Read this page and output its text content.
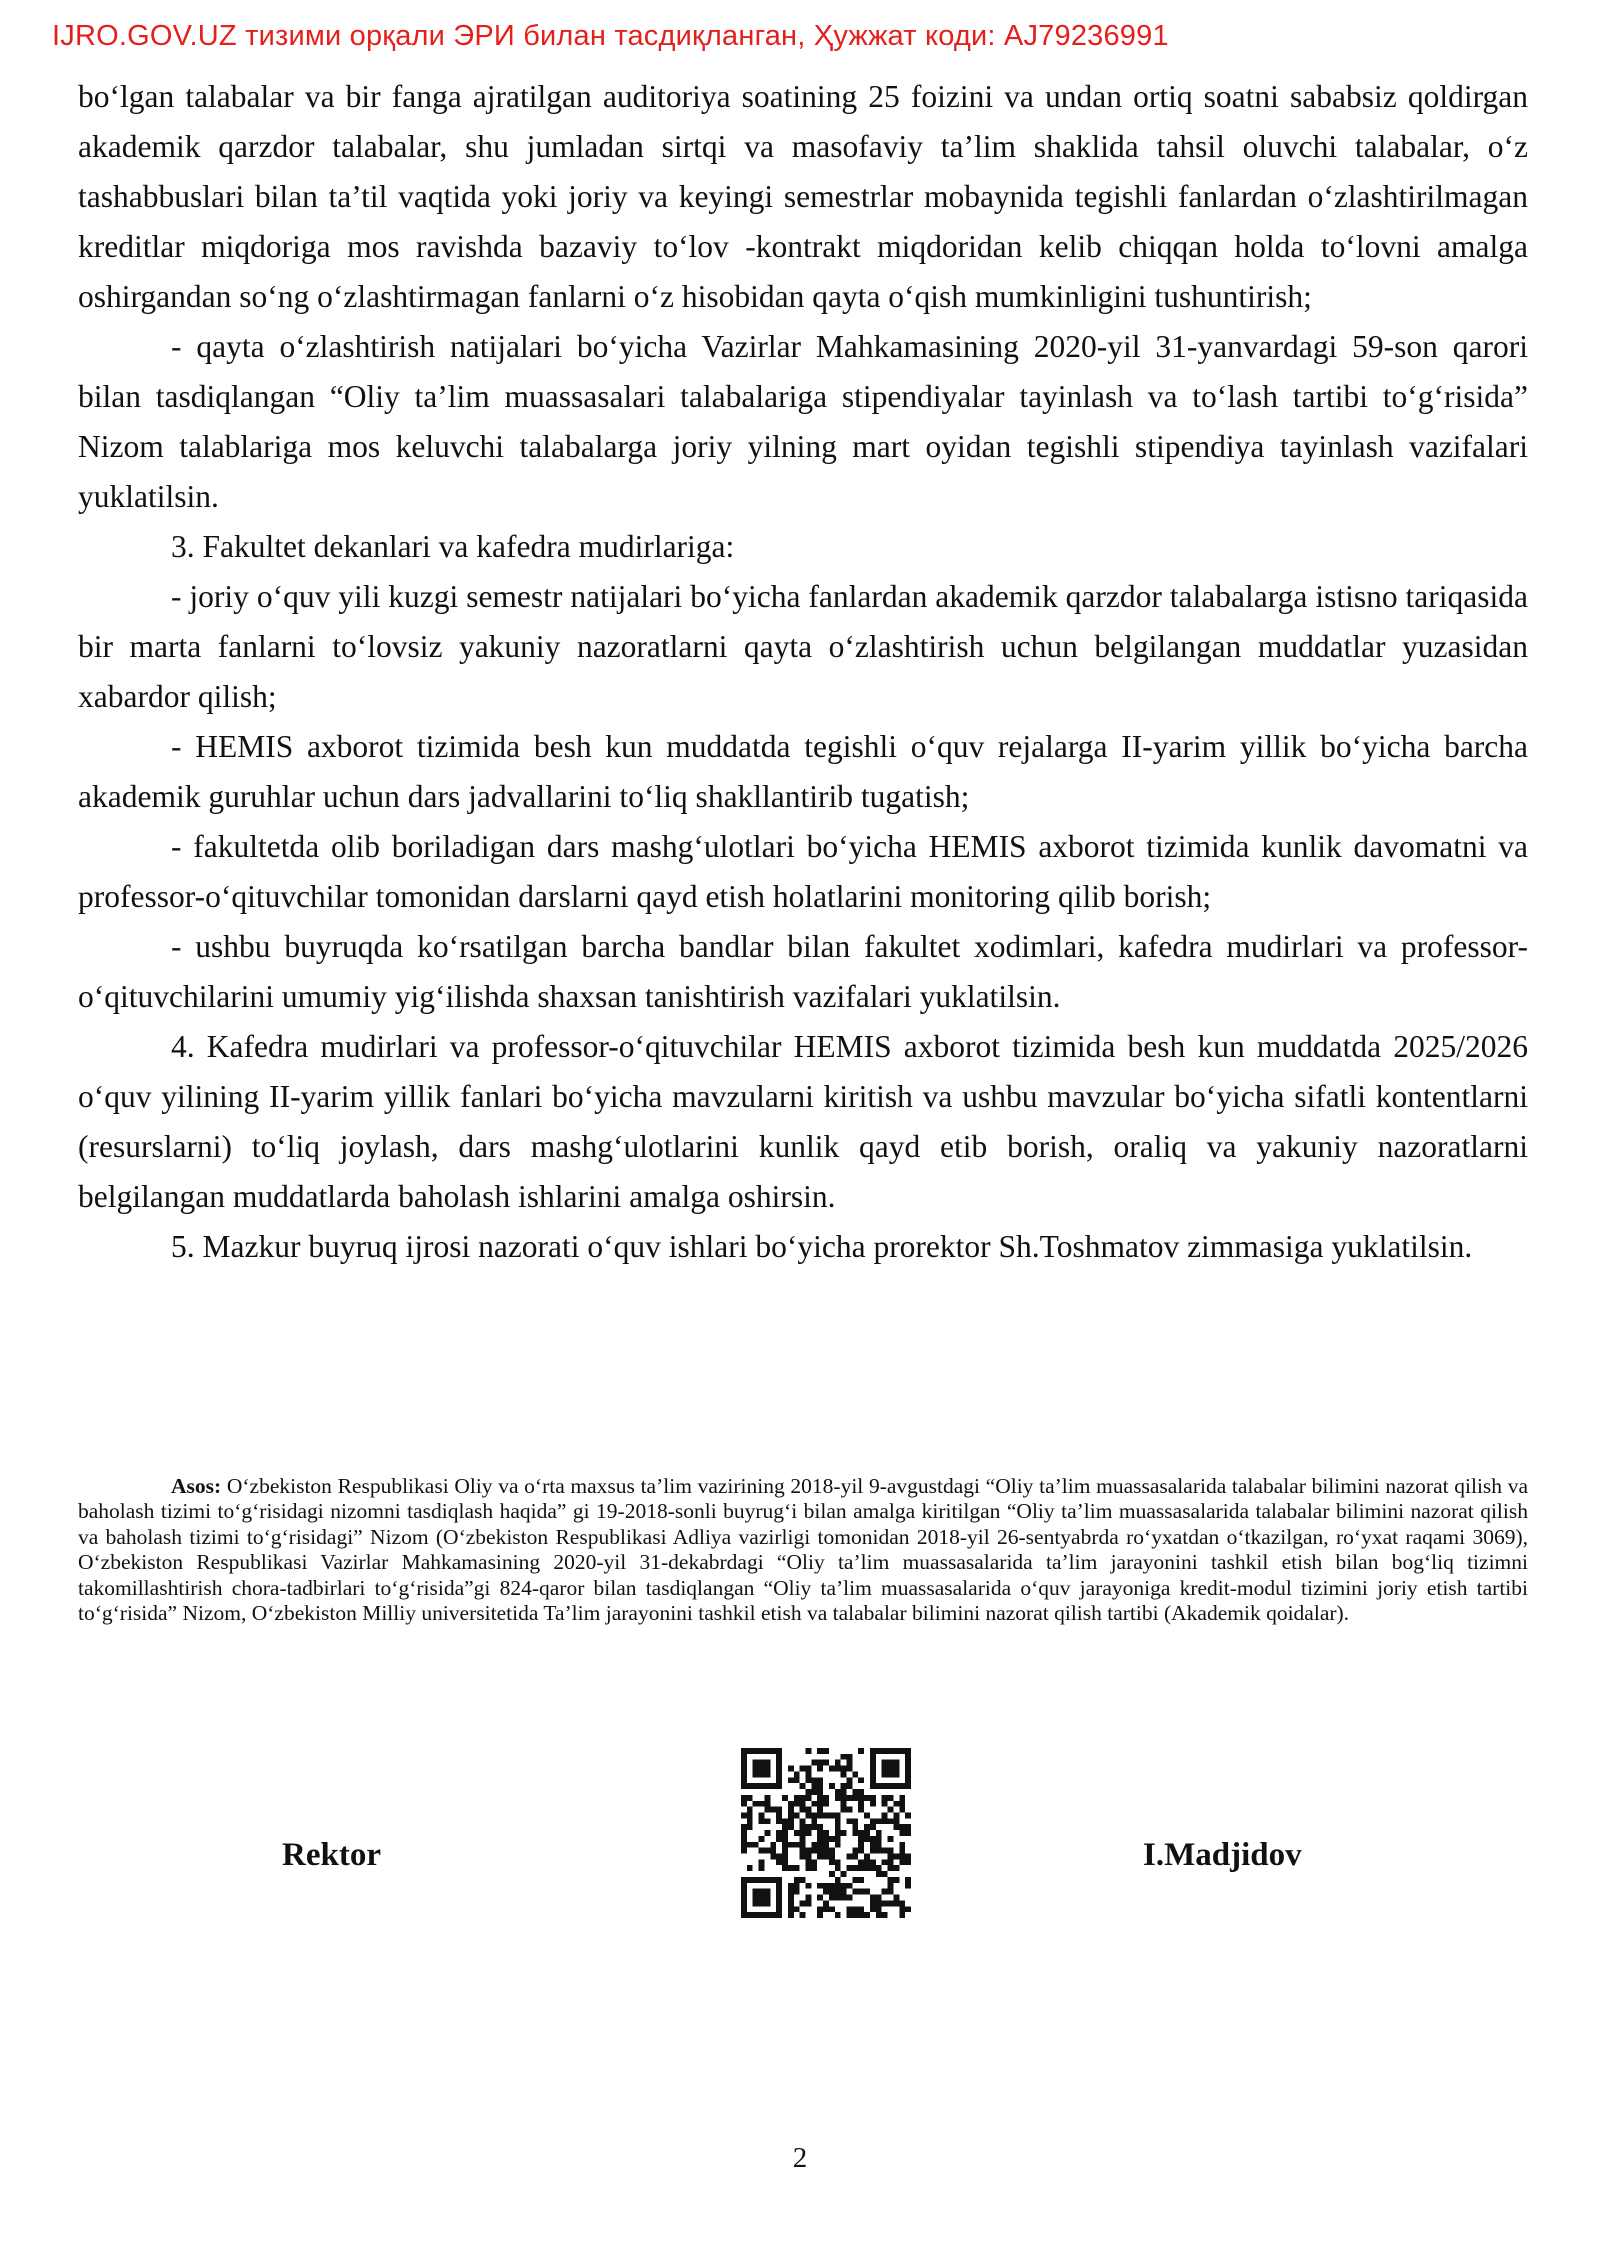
IJRO.GOV.UZ тизими орқали ЭРИ билан тасдиқланган, Ҳужжат коди: AJ79236991

bo‘lgan talabalar va bir fanga ajratilgan auditoriya soatining 25 foizini va undan ortiq soatni sababsiz qoldirgan akademik qarzdor talabalar, shu jumladan sirtqi va masofaviy ta’lim shaklida tahsil oluvchi talabalar, o‘z tashabbuslari bilan ta’til vaqtida yoki joriy va keyingi semestrlar mobaynida tegishli fanlardan o‘zlashtirilmagan kreditlar miqdoriga mos ravishda bazaviy to‘lov -kontrakt miqdoridan kelib chiqqan holda to‘lovni amalga oshirgandan so‘ng o‘zlashtirmagan fanlarni o‘z hisobidan qayta o‘qish mumkinligini tushuntirish;

- qayta o‘zlashtirish natijalari bo‘yicha Vazirlar Mahkamasining 2020-yil 31-yanvardagi 59-son qarori bilan tasdiqlangan “Oliy ta’lim muassasalari talabalariga stipendiyalar tayinlash va to‘lash tartibi to‘g‘risida” Nizom talablariga mos keluvchi talabalarga joriy yilning mart oyidan tegishli stipendiya tayinlash vazifalari yuklatilsin.

3. Fakultet dekanlari va kafedra mudirlariga:

- joriy o‘quv yili kuzgi semestr natijalari bo‘yicha fanlardan akademik qarzdor talabalarga istisno tariqasida bir marta fanlarni to‘lovsiz yakuniy nazoratlarni qayta o‘zlashtirish uchun belgilangan muddatlar yuzasidan xabardor qilish;

- HEMIS axborot tizimida besh kun muddatda tegishli o‘quv rejalarga II-yarim yillik bo‘yicha barcha akademik guruhlar uchun dars jadvallarini to‘liq shakllantirib tugatish;

- fakultetda olib boriladigan dars mashg‘ulotlari bo‘yicha HEMIS axborot tizimida kunlik davomatni va professor-o‘qituvchilar tomonidan darslarni qayd etish holatlarini monitoring qilib borish;

- ushbu buyruqda ko‘rsatilgan barcha bandlar bilan fakultet xodimlari, kafedra mudirlari va professor-o‘qituvchilarini umumiy yig‘ilishda shaxsan tanishtirish vazifalari yuklatilsin.

4. Kafedra mudirlari va professor-o‘qituvchilar HEMIS axborot tizimida besh kun muddatda 2025/2026 o‘quv yilining II-yarim yillik fanlari bo‘yicha mavzularni kiritish va ushbu mavzular bo‘yicha sifatli kontentlarni (resurslarni) to‘liq joylash, dars mashg‘ulotlarini kunlik qayd etib borish, oraliq va yakuniy nazoratlarni belgilangan muddatlarda baholash ishlarini amalga oshirsin.

5. Mazkur buyruq ijrosi nazorati o‘quv ishlari bo‘yicha prorektor Sh.Toshmatov zimmasiga yuklatilsin.

Asos: O‘zbekiston Respublikasi Oliy va o‘rta maxsus ta’lim vazirining 2018-yil 9-avgustdagi “Oliy ta’lim muassasalarida talabalar bilimini nazorat qilish va baholash tizimi to‘g‘risidagi nizomni tasdiqlash haqida” gi 19-2018-sonli buyrug‘i bilan amalga kiritilgan “Oliy ta’lim muassasalarida talabalar bilimini nazorat qilish va baholash tizimi to‘g‘risidagi” Nizom (O‘zbekiston Respublikasi Adliya vazirligi tomonidan 2018-yil 26-sentyabrda ro‘yxatdan o‘tkazilgan, ro‘yxat raqami 3069), O‘zbekiston Respublikasi Vazirlar Mahkamasining 2020-yil 31-dekabrdagi “Oliy ta’lim muassasalarida ta’lim jarayonini tashkil etish bilan bog‘liq tizimni takomillashtirish chora-tadbirlari to‘g‘risida”gi 824-qaror bilan tasdiqlangan “Oliy ta’lim muassasalarida o‘quv jarayoniga kredit-modul tizimini joriy etish tartibi to‘g‘risida” Nizom, O‘zbekiston Milliy universitetida Ta’lim jarayonini tashkil etish va talabalar bilimini nazorat qilish tartibi (Akademik qoidalar).
Rektor	I.Madjidov
2
